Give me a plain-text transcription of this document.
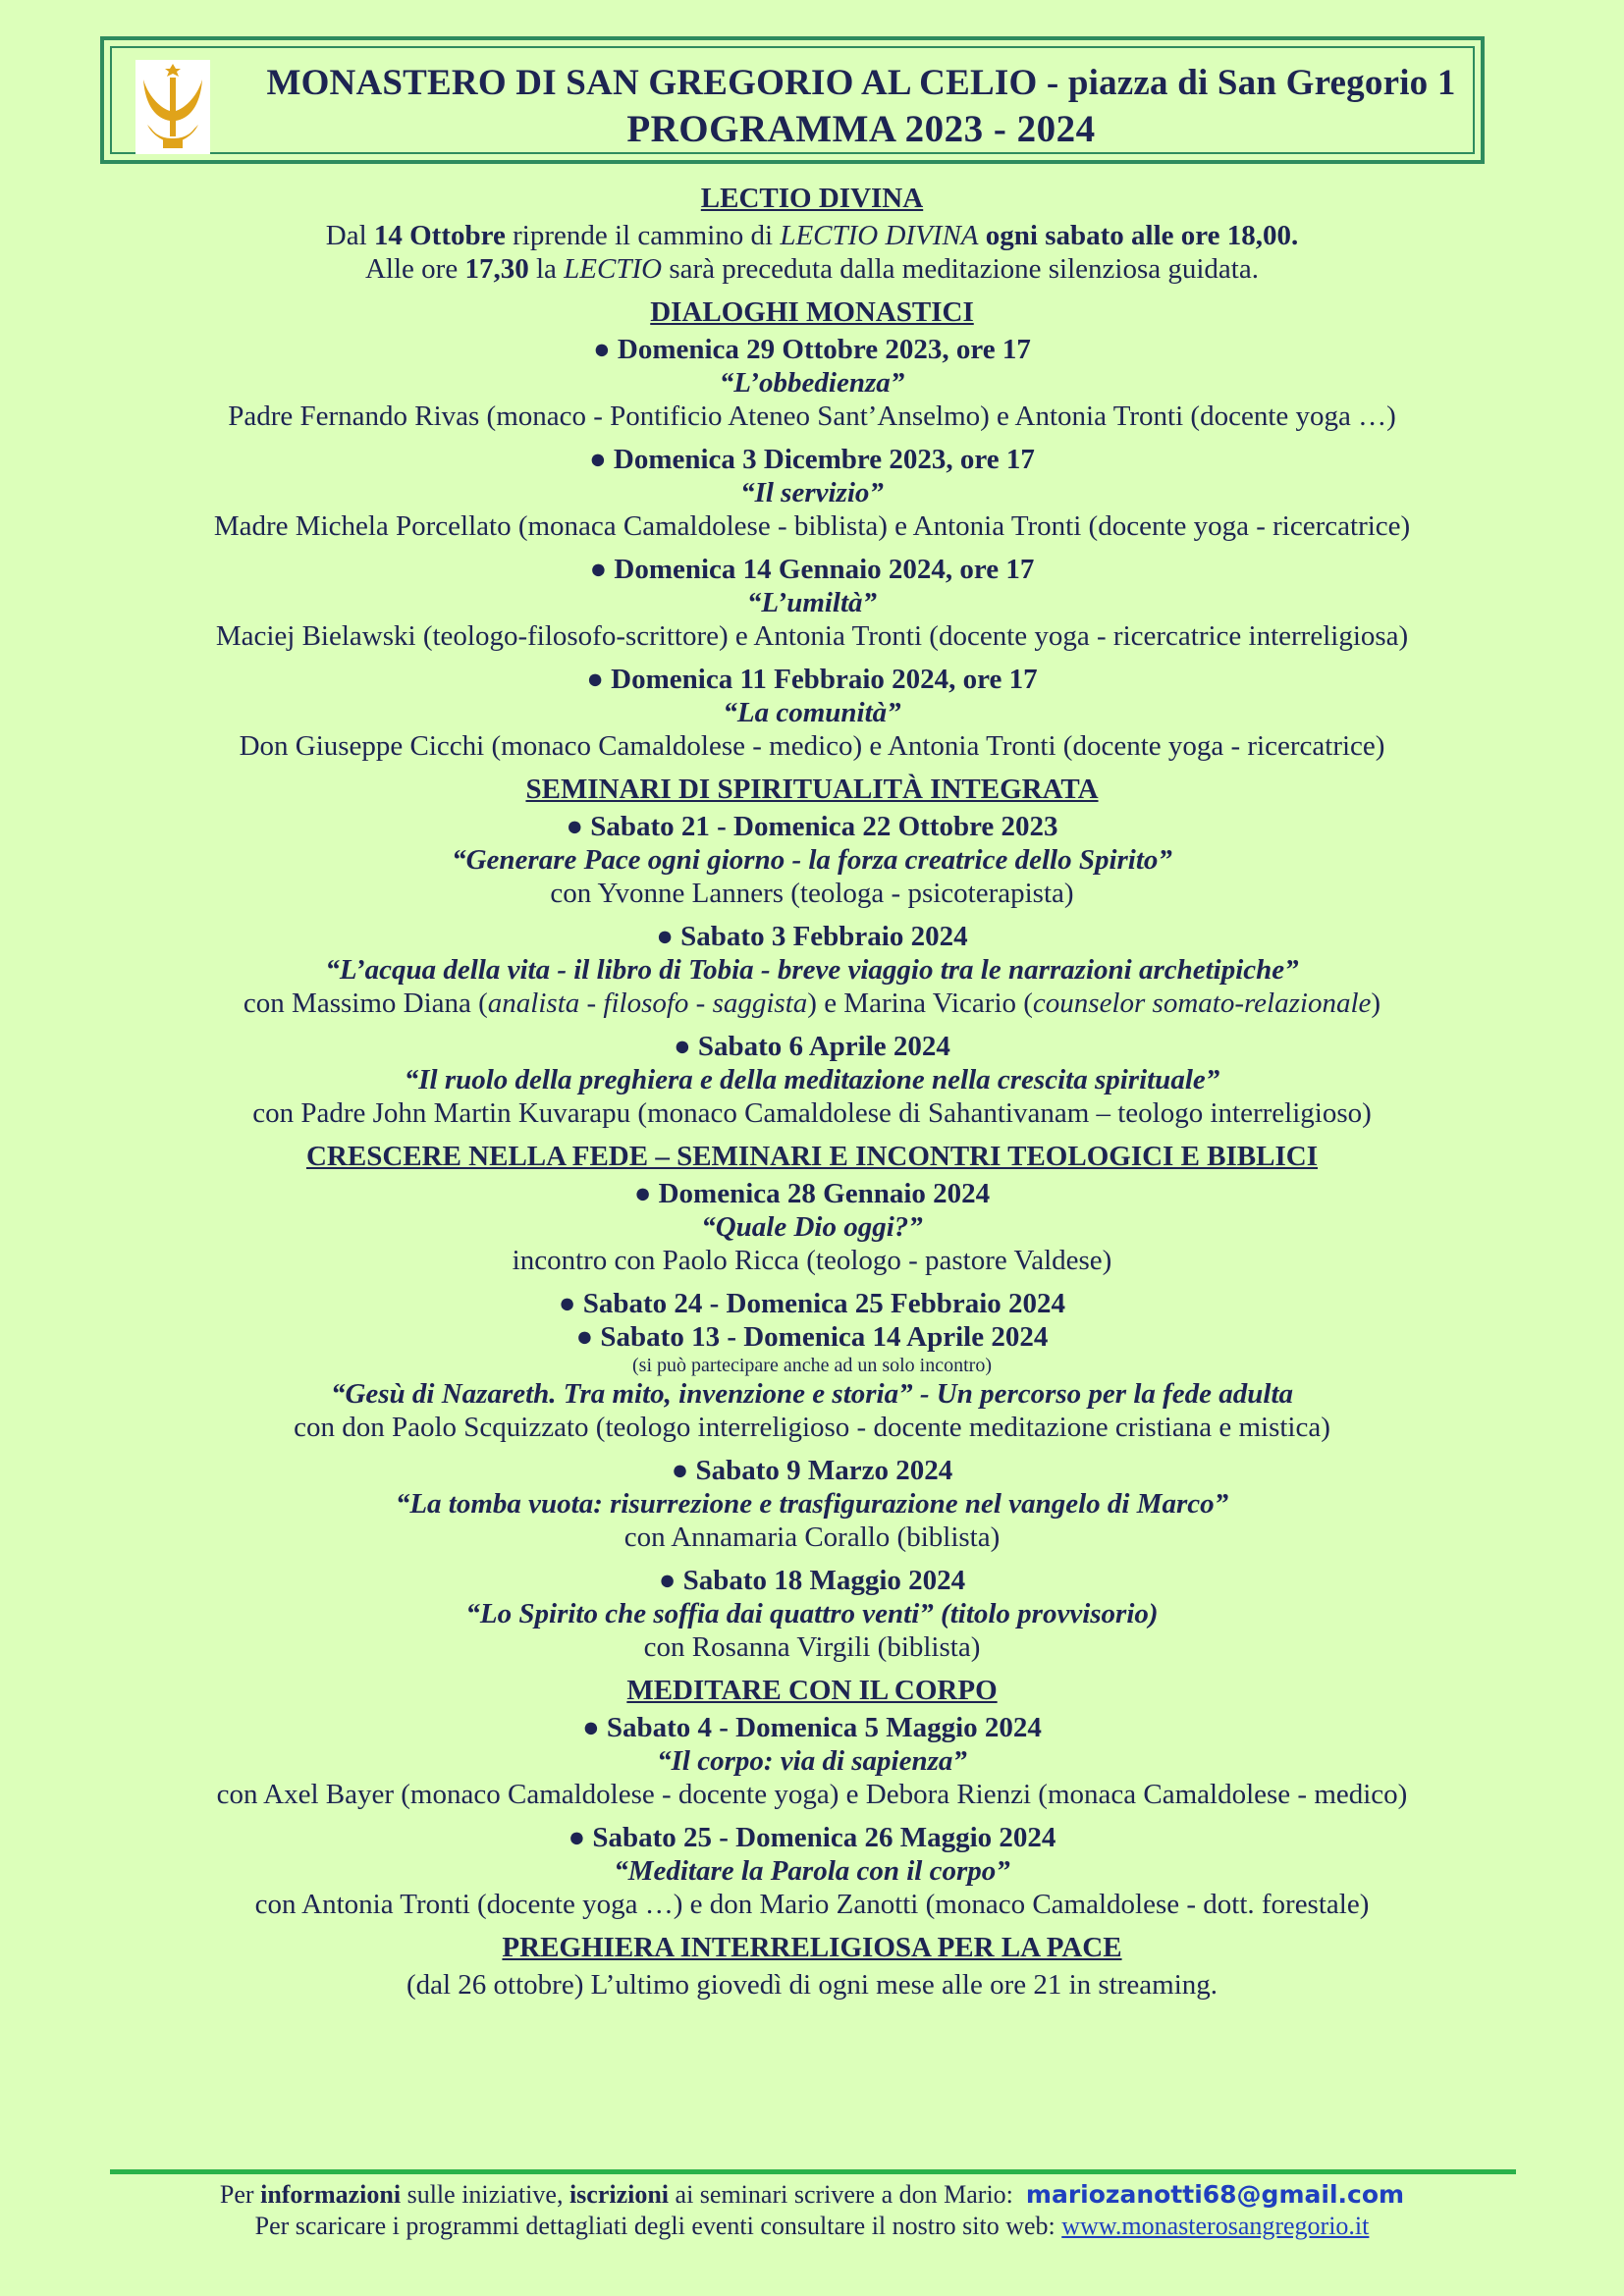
MONASTERO DI SAN GREGORIO AL CELIO - piazza di San Gregorio 1
PROGRAMMA 2023 - 2024
LECTIO DIVINA
Dal 14 Ottobre riprende il cammino di LECTIO DIVINA ogni sabato alle ore 18,00.
Alle ore 17,30 la LECTIO sarà preceduta dalla meditazione silenziosa guidata.
DIALOGHI MONASTICI
● Domenica 29 Ottobre 2023, ore 17
“L’obbedienza”
Padre Fernando Rivas (monaco - Pontificio Ateneo Sant’Anselmo) e Antonia Tronti (docente yoga …)
● Domenica 3 Dicembre 2023, ore 17
“Il servizio”
Madre Michela Porcellato (monaca Camaldolese - biblista) e Antonia Tronti (docente yoga - ricercatrice)
● Domenica 14 Gennaio 2024, ore 17
“L’umiltà”
Maciej Bielawski (teologo-filosofo-scrittore) e Antonia Tronti (docente yoga - ricercatrice interreligiosa)
● Domenica 11 Febbraio 2024, ore 17
“La comunità”
Don Giuseppe Cicchi (monaco Camaldolese - medico) e Antonia Tronti (docente yoga - ricercatrice)
SEMINARI DI SPIRITUALITÀ INTEGRATA
● Sabato 21 - Domenica 22 Ottobre 2023
“Generare Pace ogni giorno - la forza creatrice dello Spirito”
con Yvonne Lanners (teologa - psicoterapista)
● Sabato 3 Febbraio 2024
“L’acqua della vita - il libro di Tobia - breve viaggio tra le narrazioni archetipiche”
con Massimo Diana (analista - filosofo - saggista) e Marina Vicario (counselor somato-relazionale)
● Sabato 6 Aprile 2024
“Il ruolo della preghiera e della meditazione nella crescita spirituale”
con Padre John Martin Kuvarapu (monaco Camaldolese di Sahantivanam – teologo interreligioso)
CRESCERE NELLA FEDE – SEMINARI E INCONTRI TEOLOGICI E BIBLICI
● Domenica 28 Gennaio 2024
“Quale Dio oggi?”
incontro con Paolo Ricca (teologo - pastore Valdese)
● Sabato 24 - Domenica 25 Febbraio 2024
● Sabato 13 - Domenica 14 Aprile 2024
(si può partecipare anche ad un solo incontro)
“Gesù di Nazareth. Tra mito, invenzione e storia” - Un percorso per la fede adulta
con don Paolo Scquizzato (teologo interreligioso - docente meditazione cristiana e mistica)
● Sabato 9 Marzo 2024
“La tomba vuota: risurrezione e trasfigurazione nel vangelo di Marco”
con Annamaria Corallo (biblista)
● Sabato 18 Maggio 2024
“Lo Spirito che soffia dai quattro venti” (titolo provvisorio)
con Rosanna Virgili (biblista)
MEDITARE CON IL CORPO
● Sabato 4 - Domenica 5 Maggio 2024
“Il corpo: via di sapienza”
con Axel Bayer (monaco Camaldolese - docente yoga) e Debora Rienzi (monaca Camaldolese - medico)
● Sabato 25 - Domenica 26 Maggio 2024
“Meditare la Parola con il corpo”
con Antonia Tronti (docente yoga …) e don Mario Zanotti (monaco Camaldolese - dott. forestale)
PREGHIERA INTERRELIGIOSA PER LA PACE
(dal 26 ottobre) L’ultimo giovedì di ogni mese alle ore 21 in streaming.
Per informazioni sulle iniziative, iscrizioni ai seminari scrivere a don Mario:  mariozanotti68@gmail.com
Per scaricare i programmi dettagliati degli eventi consultare il nostro sito web: www.monasterosangregorio.it
